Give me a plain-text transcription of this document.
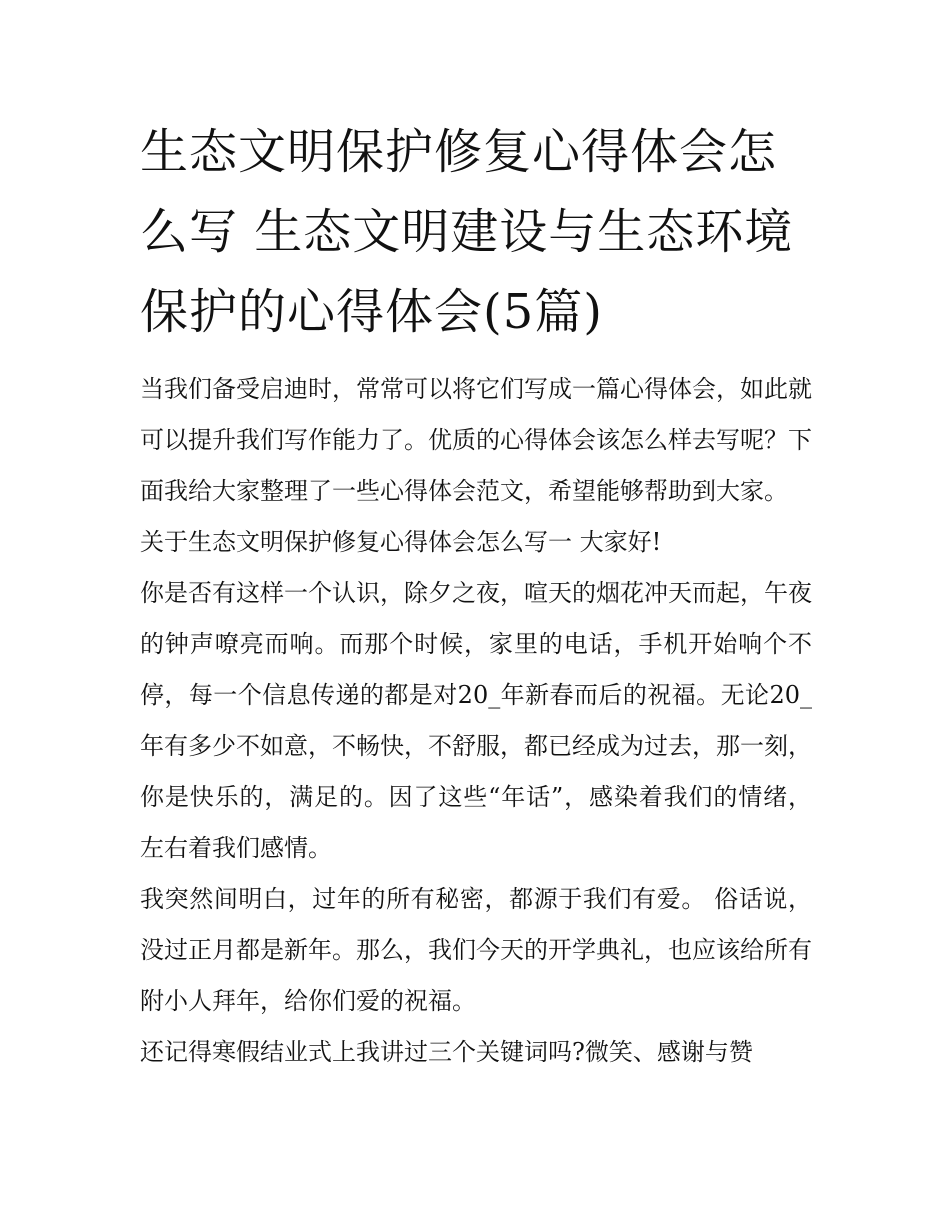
生态文明保护修复心得体会怎么写 生态文明建设与生态环境保护的心得体会(5篇)

当我们备受启迪时，常常可以将它们写成一篇心得体会，如此就可以提升我们写作能力了。优质的心得体会该怎么样去写呢？下面我给大家整理了一些心得体会范文，希望能够帮助到大家。

关于生态文明保护修复心得体会怎么写一 大家好!

你是否有这样一个认识，除夕之夜，喧天的烟花冲天而起，午夜的钟声嘹亮而响。而那个时候，家里的电话，手机开始响个不停，每一个信息传递的都是对20_年新春而后的祝福。无论20_年有多少不如意，不畅快，不舒服，都已经成为过去，那一刻，你是快乐的，满足的。因了这些“年话”，感染着我们的情绪，左右着我们感情。

我突然间明白，过年的所有秘密，都源于我们有爱。 俗话说，没过正月都是新年。那么，我们今天的开学典礼，也应该给所有附小人拜年，给你们爱的祝福。

还记得寒假结业式上我讲过三个关键词吗?微笑、感谢与赞
